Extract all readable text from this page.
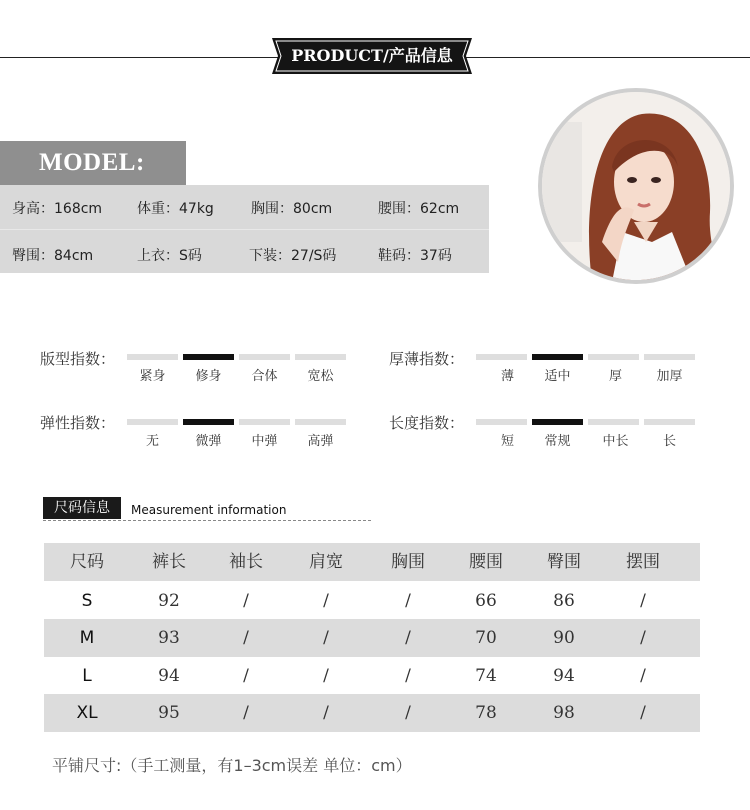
PRODUCT/产品信息
MODEL:
身高：168cm 体重：47kg	胸围：80cm	腰围：62cm
臀围：84cm	上衣：S码	下装：27/S码	鞋码：37码
版型指数：
紧身	修身	合体	宽松
厚薄指数：
薄	适中	厚	加厚
弹性指数：
无	微弹	中弹	高弹
长度指数：
短	常规	中长	长
尺码信息	Measurement information
尺码	裤长	袖长	肩宽	胸围	腰围	臀围	摆围
S	92	/	/	/	66	86	/
M	93	/	/	/	70	90	/
L	94	/	/	/	74	94	/
XL	95	/	/	/	78	98	/
平铺尺寸:（手工测量，有1–3cm误差 单位：cm）
